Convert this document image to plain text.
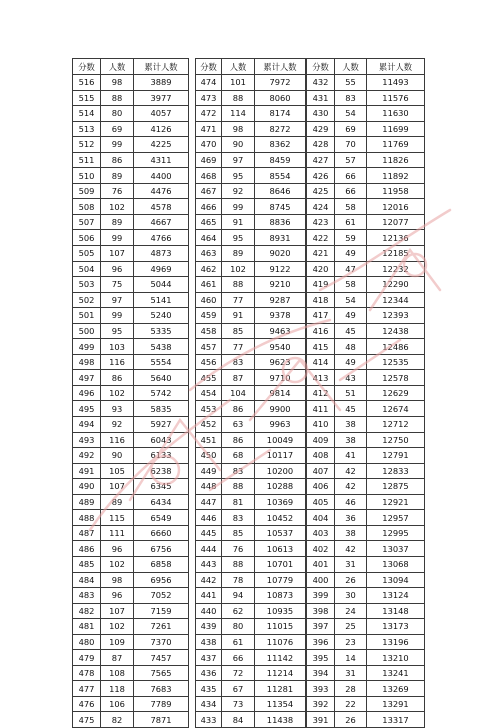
分数	人数	累计人数
516	98	3889
515	88	3977
514	80	4057
513	69	4126
512	99	4225
511	86	4311
510	89	4400
509	76	4476
508	102	4578
507	89	4667
506	99	4766
505	107	4873
504	96	4969
503	75	5044
502	97	5141
501	99	5240
500	95	5335
499	103	5438
498	116	5554
497	86	5640
496	102	5742
495	93	5835
494	92	5927
493	116	6043
492	90	6133
491	105	6238
490	107	6345
489	89	6434
488	115	6549
487	111	6660
486	96	6756
485	102	6858
484	98	6956
483	96	7052
482	107	7159
481	102	7261
480	109	7370
479	87	7457
478	108	7565
477	118	7683
476	106	7789
475	82	7871
分数	人数	累计人数
474	101	7972
473	88	8060
472	114	8174
471	98	8272
470	90	8362
469	97	8459
468	95	8554
467	92	8646
466	99	8745
465	91	8836
464	95	8931
463	89	9020
462	102	9122
461	88	9210
460	77	9287
459	91	9378
458	85	9463
457	77	9540
456	83	9623
455	87	9710
454	104	9814
453	86	9900
452	63	9963
451	86	10049
450	68	10117
449	83	10200
448	88	10288
447	81	10369
446	83	10452
445	85	10537
444	76	10613
443	88	10701
442	78	10779
441	94	10873
440	62	10935
439	80	11015
438	61	11076
437	66	11142
436	72	11214
435	67	11281
434	73	11354
433	84	11438
分数	人数	累计人数
432	55	11493
431	83	11576
430	54	11630
429	69	11699
428	70	11769
427	57	11826
426	66	11892
425	66	11958
424	58	12016
423	61	12077
422	59	12136
421	49	12185
420	47	12232
419	58	12290
418	54	12344
417	49	12393
416	45	12438
415	48	12486
414	49	12535
413	43	12578
412	51	12629
411	45	12674
410	38	12712
409	38	12750
408	41	12791
407	42	12833
406	42	12875
405	46	12921
404	36	12957
403	38	12995
402	42	13037
401	31	13068
400	26	13094
399	30	13124
398	24	13148
397	25	13173
396	23	13196
395	14	13210
394	31	13241
393	28	13269
392	22	13291
391	26	13317
